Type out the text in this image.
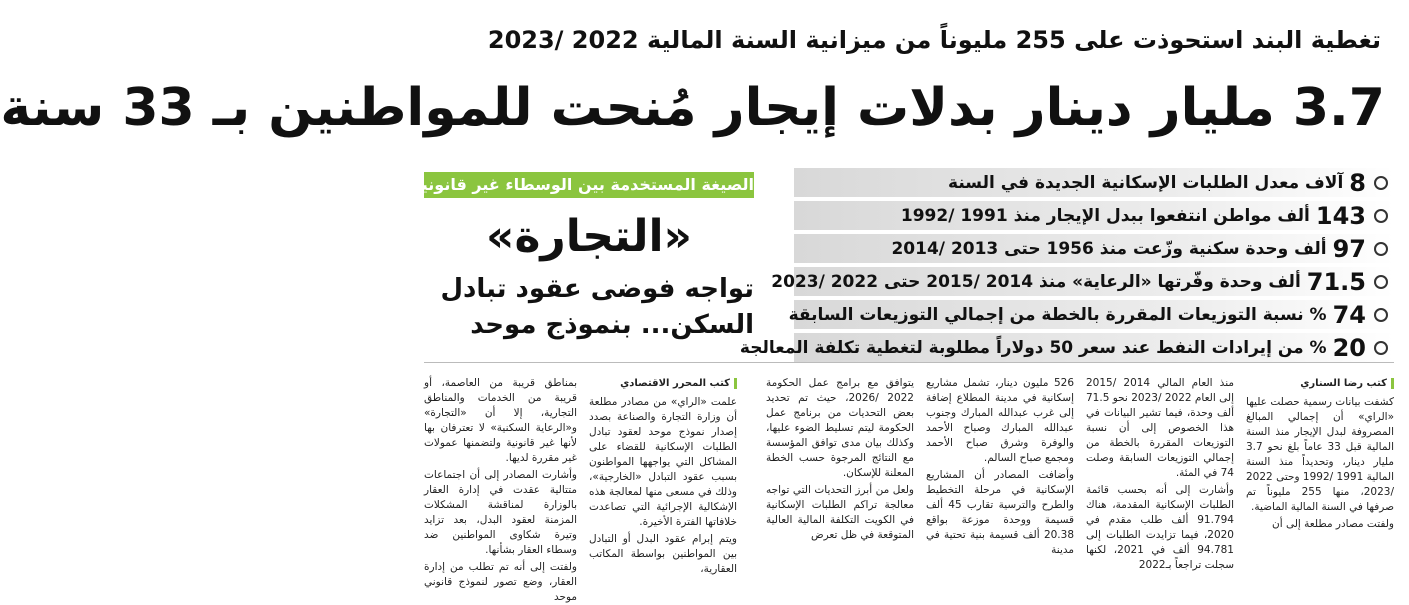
تغطية البند استحوذت على 255 مليوناً من ميزانية السنة المالية 2022 /2023
3.7 مليار دينار بدلات إيجار مُنحت للمواطنين بـ 33 سنة
الصيغة المستخدمة بين الوسطاء غير قانونية
«التجارة»
تواجه فوضى عقود تبادل
السكن... بنموذج موحد
8
آلاف معدل الطلبات الإسكانية الجديدة في السنة
143
ألف مواطن انتفعوا ببدل الإيجار منذ 1991 /1992
97
ألف وحدة سكنية وزّعت منذ 1956 حتى 2013 /2014
71.5
ألف وحدة وفّرتها «الرعاية» منذ 2014 /2015 حتى 2022 /2023
74
% نسبة التوزيعات المقررة بالخطة من إجمالي التوزيعات السابقة
20
% من إيرادات النفط عند سعر 50 دولاراً مطلوبة لتغطية تكلفة المعالجة
كتب رضا السناري

كشفت بيانات رسمية حصلت عليها «الراي» أن إجمالي المبالغ المصروفة لبدل الإيجار منذ السنة المالية قبل 33 عاماً بلغ نحو 3.7 مليار دينار، وتحديداً منذ السنة المالية 1991 /1992 وحتى 2022 /2023، منها 255 مليوناً تم صرفها في السنة المالية الماضية.

ولفتت مصادر مطلعة إلى أن

منذ العام المالي 2014 /2015 إلى العام 2022 /2023 نحو 71.5 ألف وحدة، فيما تشير البيانات في هذا الخصوص إلى أن نسبة التوزيعات المقررة بالخطة من إجمالي التوزيعات السابقة وصلت 74 في المئة.

وأشارت إلى أنه بحسب قائمة الطلبات الإسكانية المقدمة، هناك 91.794 ألف طلب مقدم في 2020، فيما تزايدت الطلبات إلى 94.781 ألف في 2021، لكنها سجلت تراجعاً بـ2022

526 مليون دينار، تشمل مشاريع إسكانية في مدينة المطلاع إضافة إلى غرب عبدالله المبارك وجنوب عبدالله المبارك وصباح الأحمد والوفرة وشرق صباح الأحمد ومجمع صباح السالم.

وأضافت المصادر أن المشاريع الإسكانية في مرحلة التخطيط والطرح والترسية تقارب 45 ألف قسيمة ووحدة موزعة بواقع 20.38 ألف قسيمة بنية تحتية في مدينة

يتوافق مع برامج عمل الحكومة 2022 /2026، حيث تم تحديد بعض التحديات من برنامج عمل الحكومة ليتم تسليط الضوء عليها، وكذلك بيان مدى توافق المؤسسة مع النتائج المرجوة حسب الخطة المعلنة للإسكان.

ولعل من أبرز التحديات التي تواجه معالجة تراكم الطلبات الإسكانية في الكويت التكلفة المالية العالية المتوقعة في ظل تعرض

كتب المحرر الاقتصادي

علمت «الراي» من مصادر مطلعة أن وزارة التجارة والصناعة بصدد إصدار نموذج موحد لعقود تبادل الطلبات الإسكانية للقضاء على المشاكل التي يواجهها المواطنون بسبب عقود التبادل «الخارجية»، وذلك في مسعى منها لمعالجة هذه الإشكالية الإجرائية التي تصاعدت خلافاتها الفترة الأخيرة.

ويتم إبرام عقود البدل أو التبادل بين المواطنين بواسطة المكاتب العقارية،

بمناطق قريبة من العاصمة، أو قريبة من الخدمات والمناطق التجارية، إلا أن «التجارة» و«الرعاية السكنية» لا تعترفان بها لأنها غير قانونية ولتضمنها عمولات غير مقررة لديها.

وأشارت المصادر إلى أن اجتماعات متتالية عقدت في إدارة العقار بالوزارة لمناقشة المشكلات المزمنة لعقود البدل، بعد تزايد وتيرة شكاوى المواطنين ضد وسطاء العقار بشأنها.

ولفتت إلى أنه تم تطلب من إدارة العقار، وضع تصور لنموذج قانوني موحد
